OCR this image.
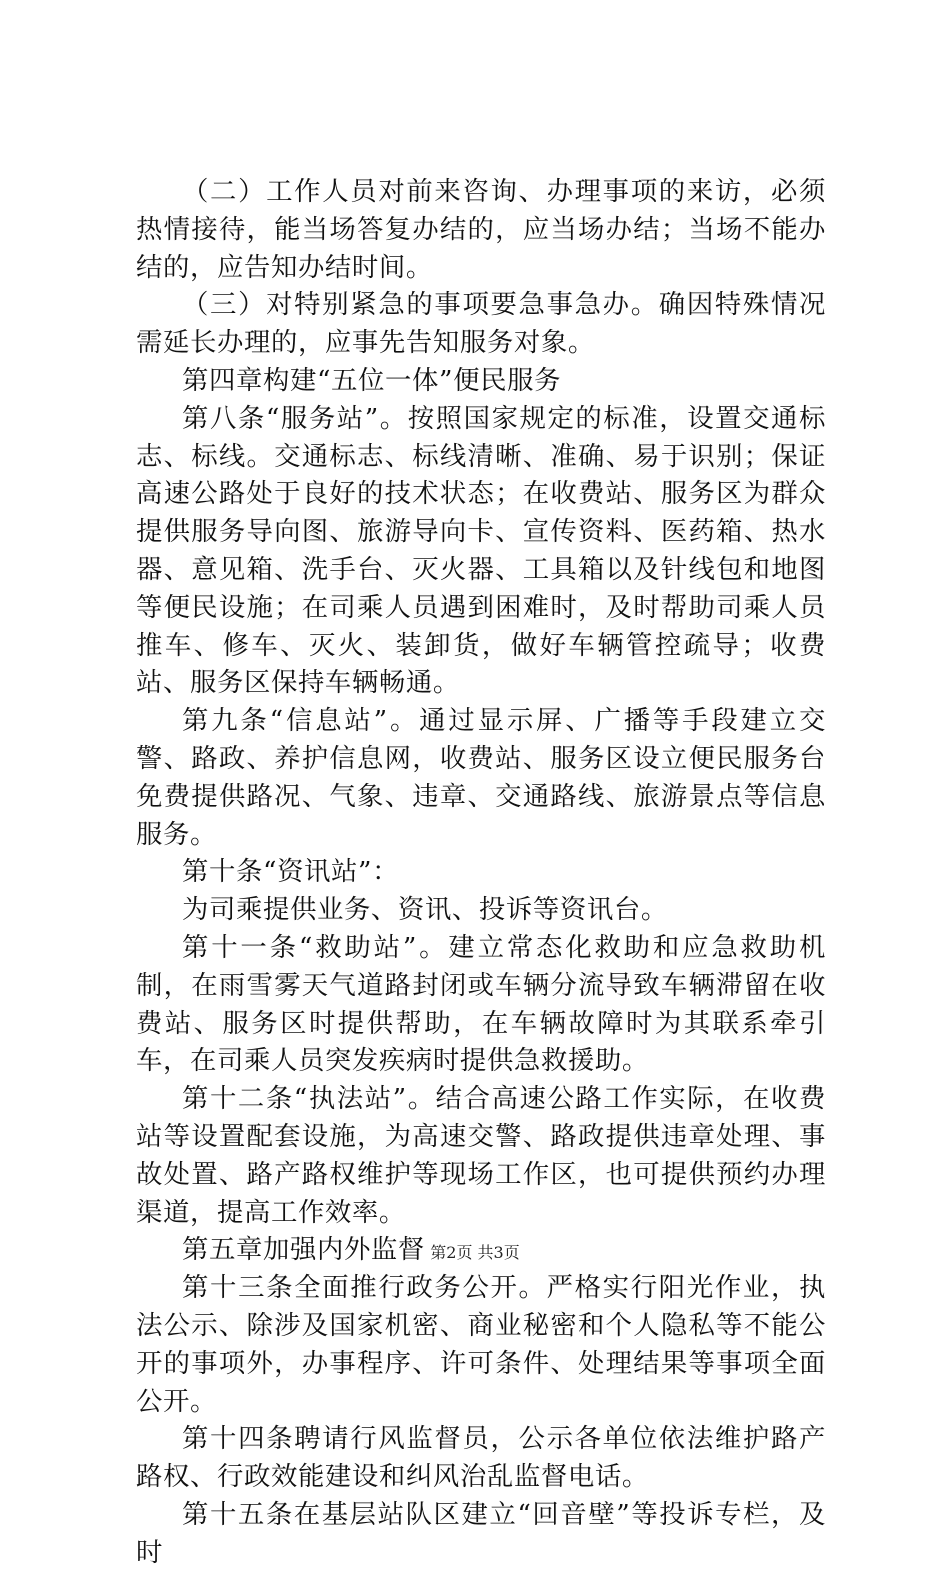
（二）工作人员对前来咨询、办理事项的来访，必须热情接待，能当场答复办结的，应当场办结；当场不能办结的，应告知办结时间。

（三）对特别紧急的事项要急事急办。确因特殊情况需延长办理的，应事先告知服务对象。

第四章构建“五位一体”便民服务

第八条“服务站”。按照国家规定的标准，设置交通标志、标线。交通标志、标线清晰、准确、易于识别；保证高速公路处于良好的技术状态；在收费站、服务区为群众提供服务导向图、旅游导向卡、宣传资料、医药箱、热水器、意见箱、洗手台、灭火器、工具箱以及针线包和地图等便民设施；在司乘人员遇到困难时，及时帮助司乘人员推车、修车、灭火、装卸货，做好车辆管控疏导；收费站、服务区保持车辆畅通。

第九条“信息站”。通过显示屏、广播等手段建立交警、路政、养护信息网，收费站、服务区设立便民服务台免费提供路况、气象、违章、交通路线、旅游景点等信息服务。

第十条“资讯站”：

为司乘提供业务、资讯、投诉等资讯台。

第十一条“救助站”。建立常态化救助和应急救助机制，在雨雪雾天气道路封闭或车辆分流导致车辆滞留在收费站、服务区时提供帮助，在车辆故障时为其联系牵引车，在司乘人员突发疾病时提供急救援助。

第十二条“执法站”。结合高速公路工作实际，在收费站等设置配套设施，为高速交警、路政提供违章处理、事故处置、路产路权维护等现场工作区，也可提供预约办理渠道，提高工作效率。

第五章加强内外监督

第十三条全面推行政务公开。严格实行阳光作业，执法公示、除涉及国家机密、商业秘密和个人隐私等不能公开的事项外，办事程序、许可条件、处理结果等事项全面公开。

第十四条聘请行风监督员，公示各单位依法维护路产路权、行政效能建设和纠风治乱监督电话。

第十五条在基层站队区建立“回音壁”等投诉专栏，及时

第2页 共3页
